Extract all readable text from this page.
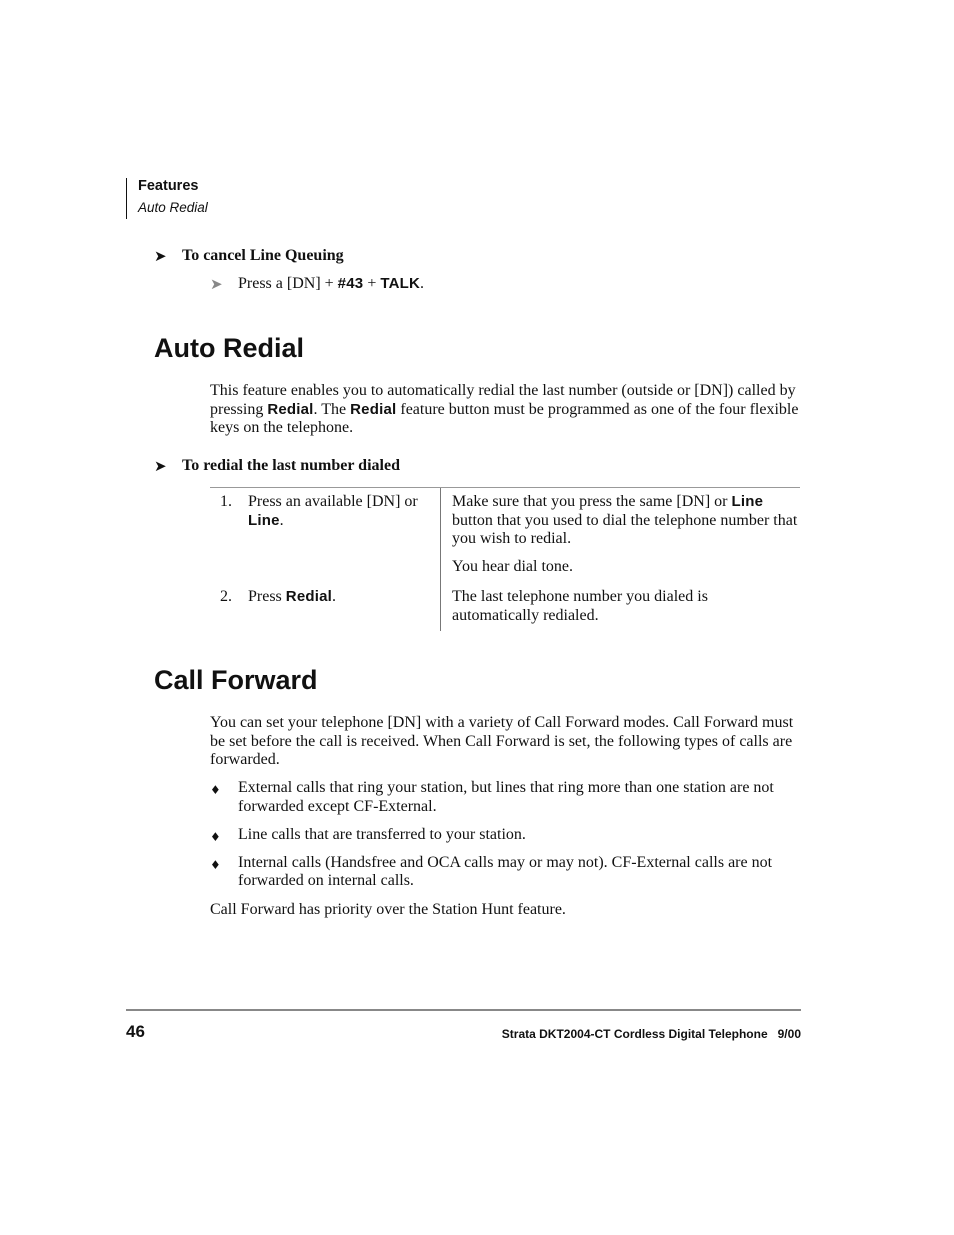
Features
Auto Redial
➤ To cancel Line Queuing
➤ Press a [DN] + #43 + TALK.
Auto Redial
This feature enables you to automatically redial the last number (outside or [DN]) called by pressing Redial. The Redial feature button must be programmed as one of the four flexible keys on the telephone.
➤ To redial the last number dialed
1. Press an available [DN] or Line.
Make sure that you press the same [DN] or Line button that you used to dial the telephone number that you wish to redial.
You hear dial tone.
2. Press Redial.	The last telephone number you dialed is automatically redialed.
Call Forward
You can set your telephone [DN] with a variety of Call Forward modes. Call Forward must be set before the call is received. When Call Forward is set, the following types of calls are forwarded.
♦ External calls that ring your station, but lines that ring more than one station are not forwarded except CF-External.
♦ Line calls that are transferred to your station.
♦ Internal calls (Handsfree and OCA calls may or may not). CF-External calls are not forwarded on internal calls.
Call Forward has priority over the Station Hunt feature.
46	Strata DKT2004-CT Cordless Digital Telephone   9/00
